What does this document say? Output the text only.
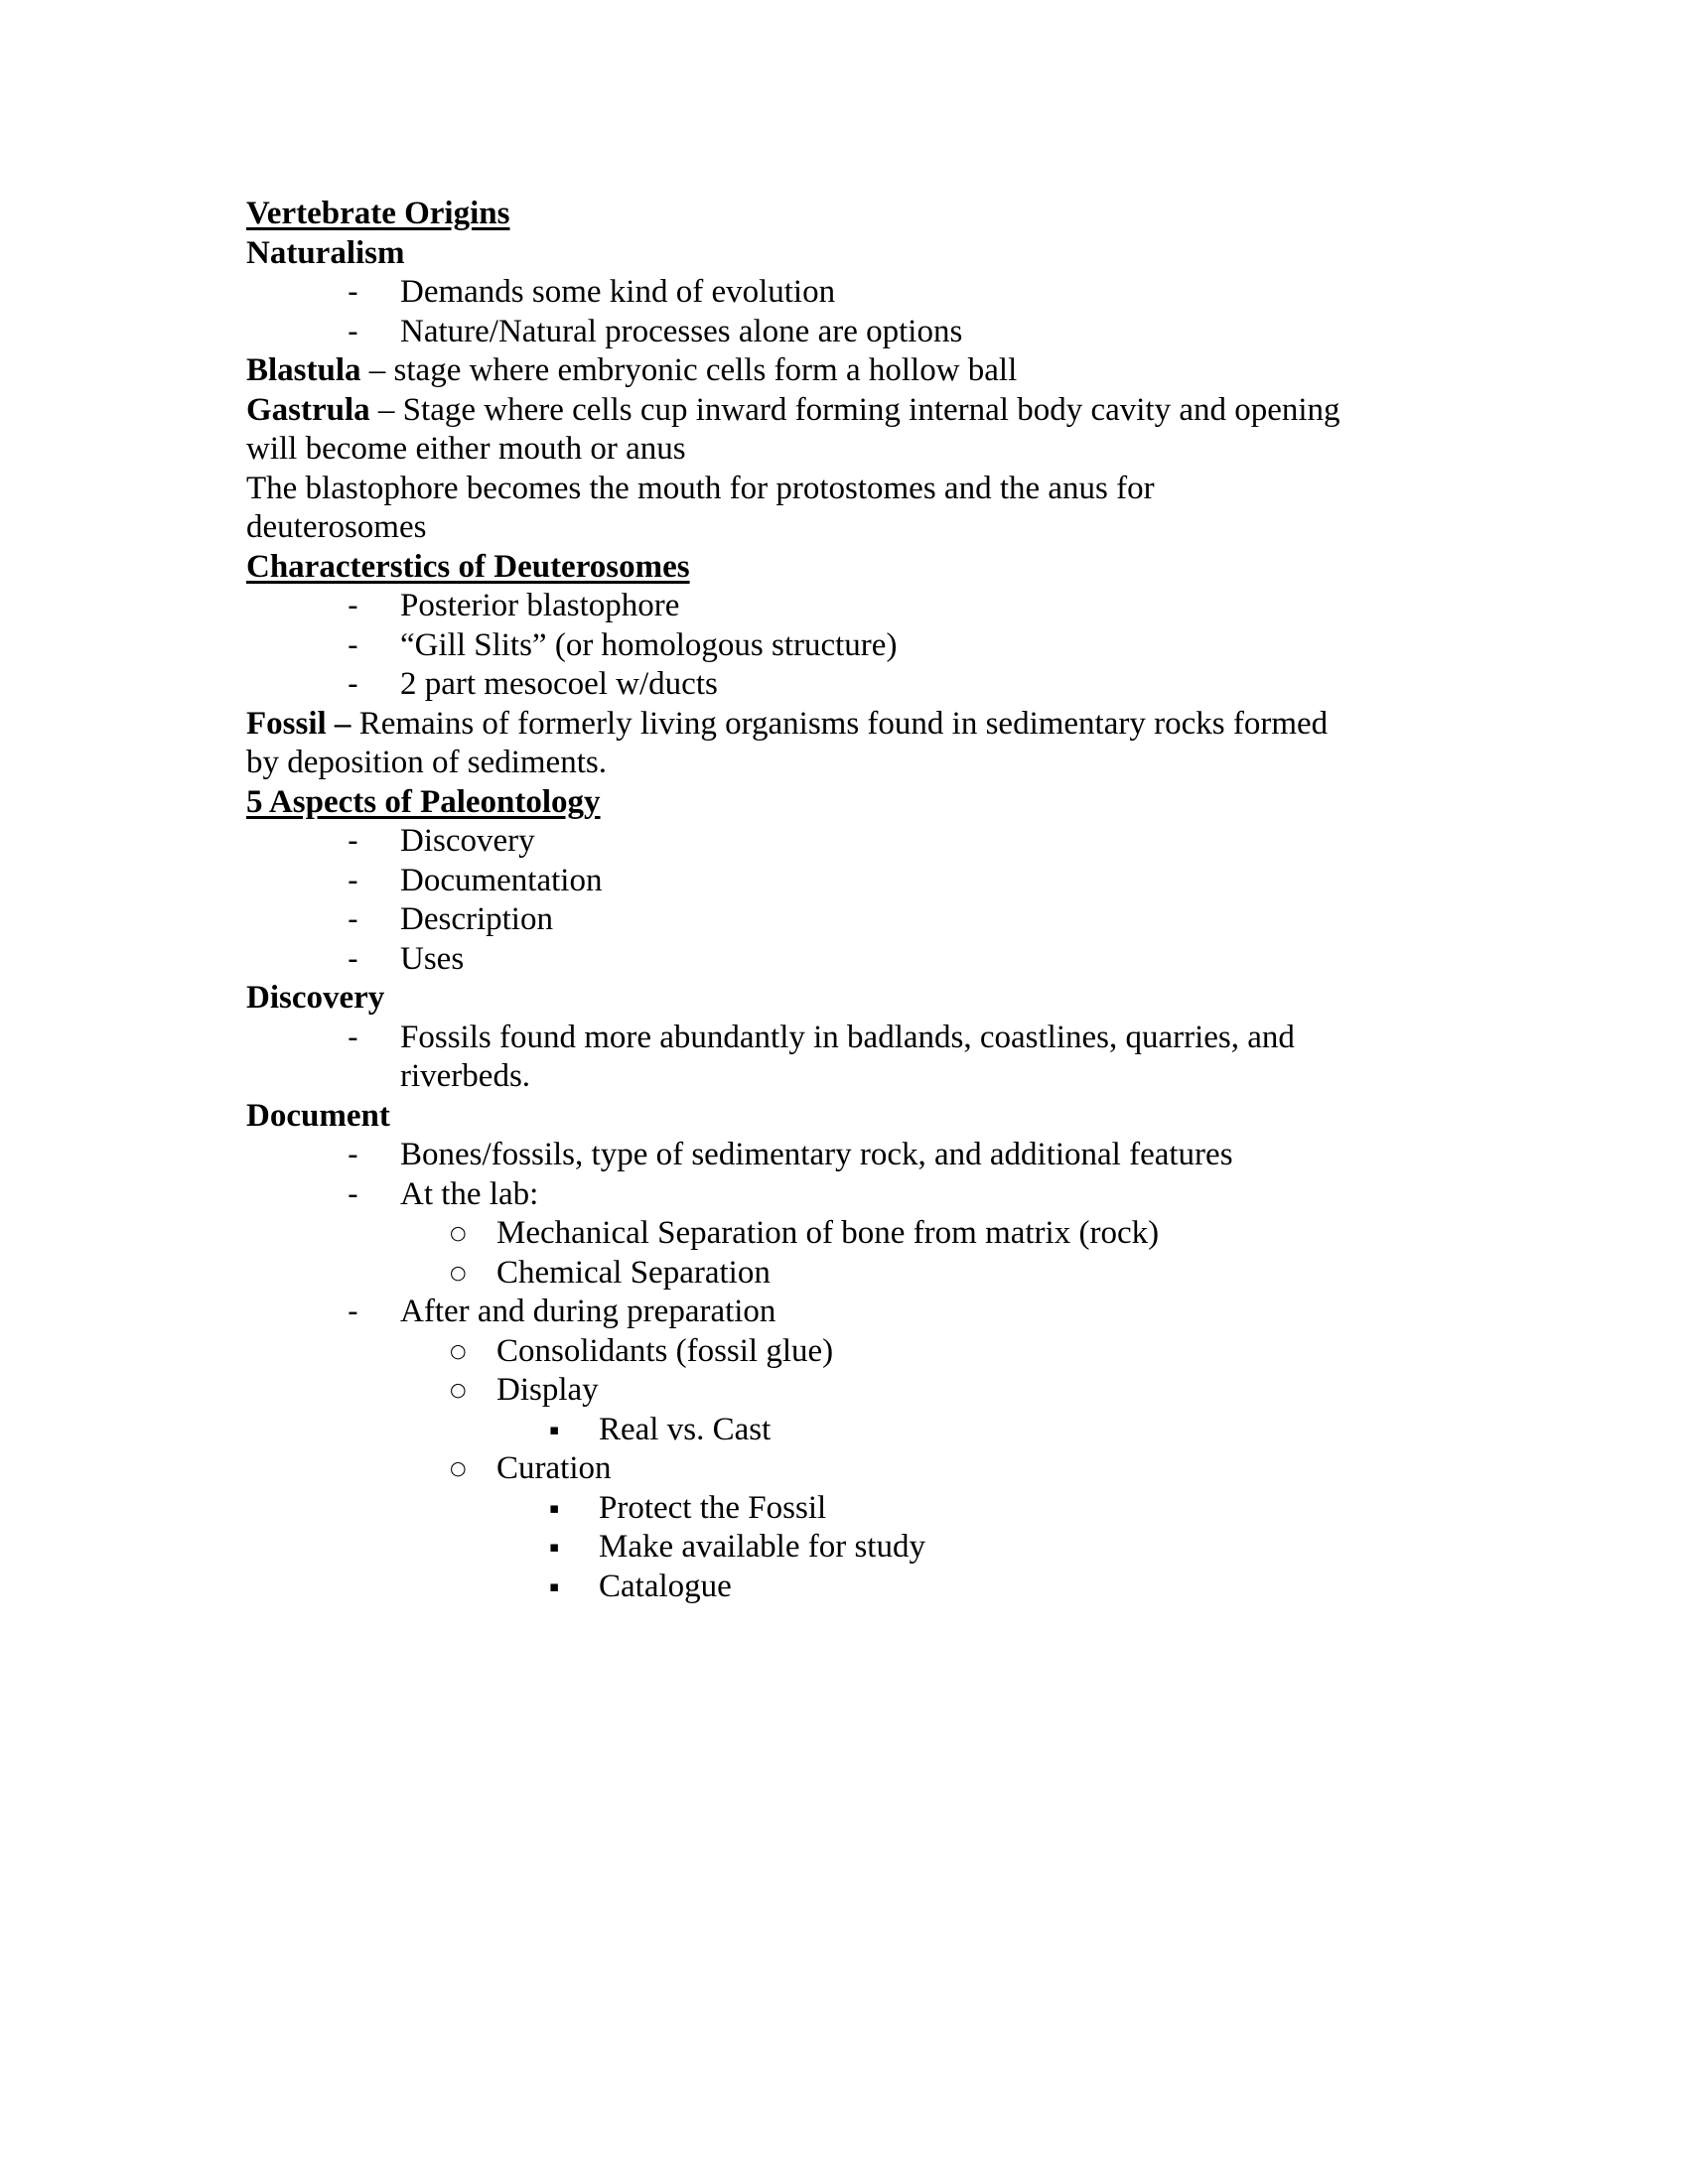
Vertebrate Origins
Naturalism
-	Demands some kind of evolution
-	Nature/Natural processes alone are options

Blastula – stage where embryonic cells form a hollow ball

Gastrula – Stage where cells cup inward forming internal body cavity and opening
will become either mouth or anus

The blastophore becomes the mouth for protostomes and the anus for
deuterosomes

Characterstics of Deuterosomes
-	Posterior blastophore
-	“Gill Slits” (or homologous structure)
-	2 part mesocoel w/ducts

Fossil – Remains of formerly living organisms found in sedimentary rocks formed
by deposition of sediments.

5 Aspects of Paleontology
-	Discovery
-	Documentation
-	Description
-	Uses
Discovery
-	Fossils found more abundantly in badlands, coastlines, quarries, and
riverbeds.
Document
-	Bones/fossils, type of sedimentary rock, and additional features
-	At the lab:
○ Mechanical Separation of bone from matrix (rock)
○ Chemical Separation
-	After and during preparation
○ Consolidants (fossil glue)
○ Display
▪	Real vs. Cast
○ Curation
▪	Protect the Fossil
▪	Make available for study
▪	Catalogue
